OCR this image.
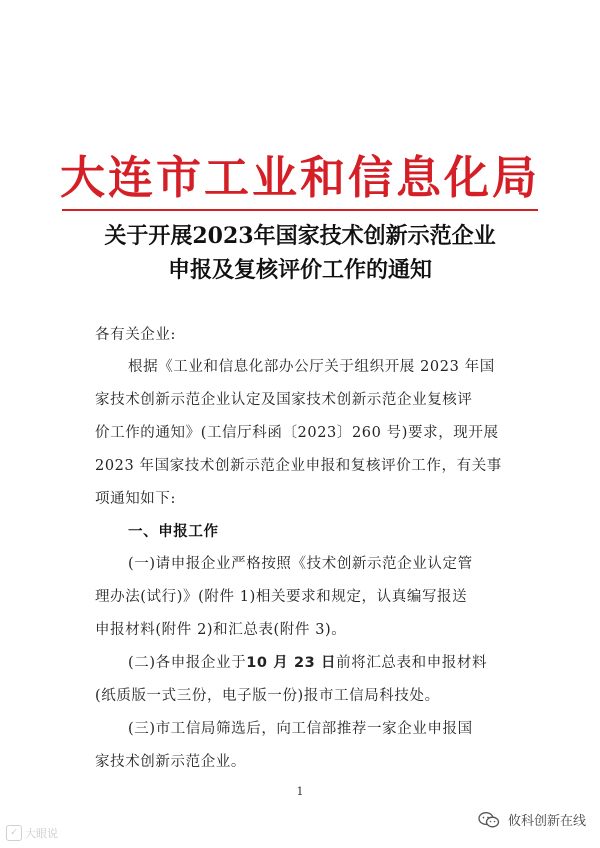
大连市工业和信息化局
关于开展2023年国家技术创新示范企业
申报及复核评价工作的通知
各有关企业:
根据《工业和信息化部办公厅关于组织开展 2023 年国
家技术创新示范企业认定及国家技术创新示范企业复核评
价工作的通知》(工信厅科函〔2023〕260 号)要求，现开展
2023 年国家技术创新示范企业申报和复核评价工作，有关事
项通知如下:
一、申报工作
(一)请申报企业严格按照《技术创新示范企业认定管
理办法(试行)》(附件 1)相关要求和规定，认真编写报送
申报材料(附件 2)和汇总表(附件 3)。
(二)各申报企业于10 月 23 日前将汇总表和申报材料
(纸质版一式三份，电子版一份)报市工信局科技处。
(三)市工信局筛选后，向工信部推荐一家企业申报国
家技术创新示范企业。
1
✓ 大眼说
攸科创新在线
